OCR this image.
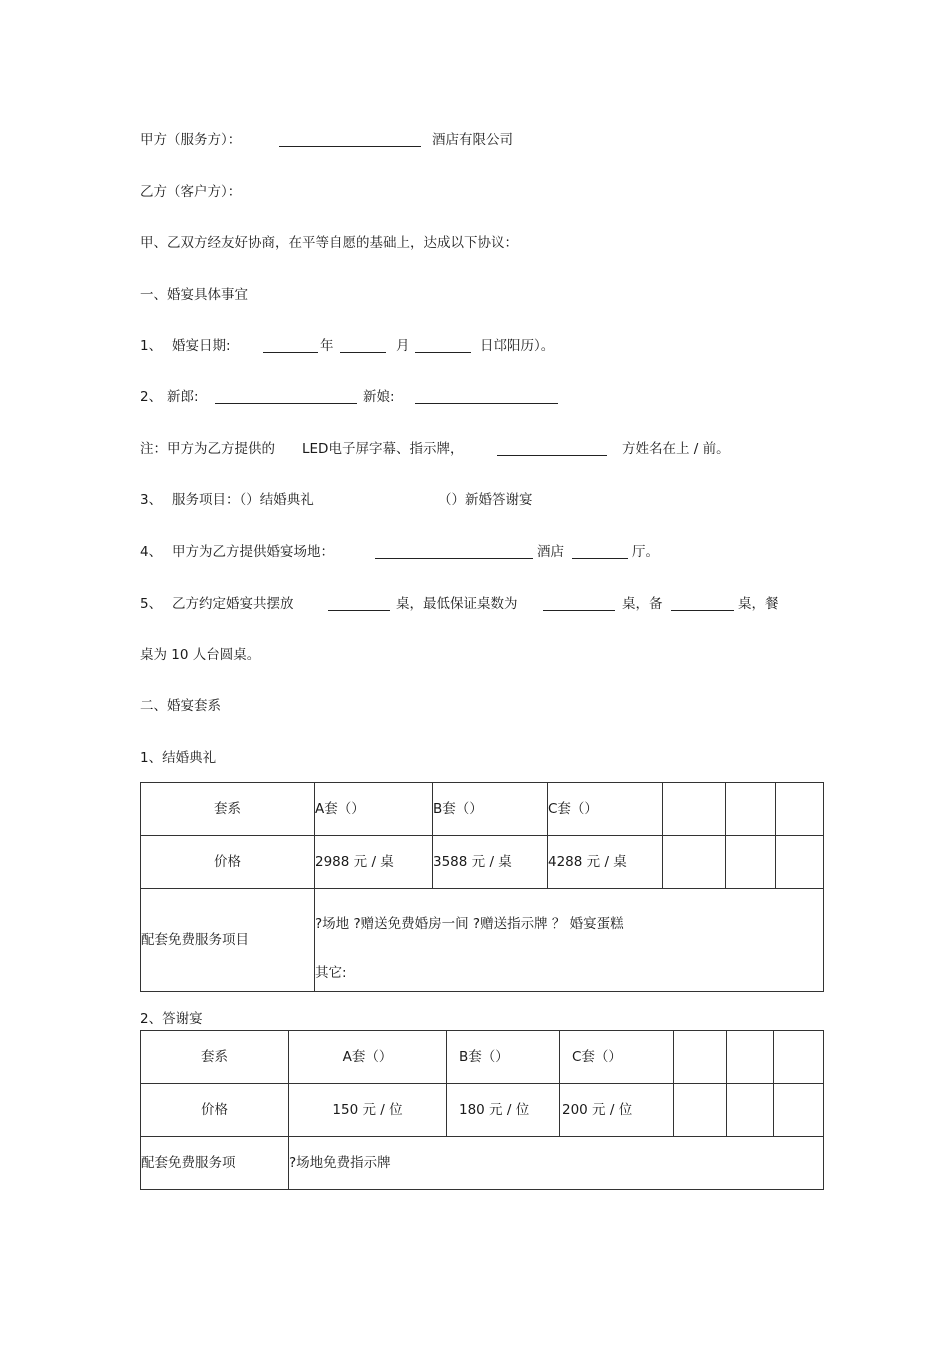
甲方（服务方）：	酒店有限公司
乙方（客户方）：
甲、乙双方经友好协商，在平等自愿的基础上，达成以下协议：
一、婚宴具体事宜
1、 婚宴日期:	年	月	日邙阳历）。
2、 新郎:	新娘:
注：甲方为乙方提供的 LED电子屏字幕、指示牌，	方姓名在上 / 前。
3、 服务项目：（）结婚典礼	（）新婚答谢宴
4、 甲方为乙方提供婚宴场地：	酒店	厅。
5、 乙方约定婚宴共摆放	桌，最低保证桌数为	桌，备	桌，餐
桌为 10 人台圆桌。
二、婚宴套系
1、结婚典礼
套系	A套（）	B套（）	C套（）			
价格	2988 元 / 桌	3588 元 / 桌	4288 元 / 桌			
配套免费服务项目	?场地 ?赠送免费婚房一间 ?赠送指示牌 ？ 婚宴蛋糕
其它:					
2、答谢宴
套系	A套（）	B套（）	C套（）			
价格	150 元 / 位	180 元 / 位	200 元 / 位			
配套免费服务项	?场地免费指示牌					
